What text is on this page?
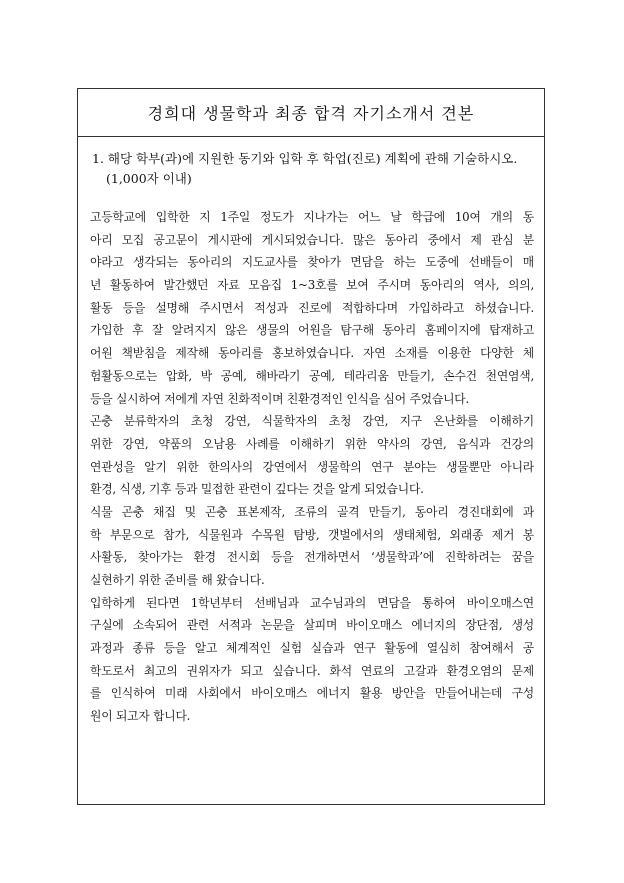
경희대 생물학과 최종 합격 자기소개서 견본
1. 해당 학부(과)에 지원한 동기와 입학 후 학업(진로) 계획에 관해 기술하시오.
(1,000자 이내)
고등학교에 입학한 지 1주일 정도가 지나가는 어느 날 학급에 10여 개의 동
아리 모집 공고문이 게시판에 게시되었습니다. 많은 동아리 중에서 제 관심 분
야라고 생각되는 동아리의 지도교사를 찾아가 면담을 하는 도중에 선배들이 매
년 활동하여 발간했던 자료 모음집 1~3호를 보여 주시며 동아리의 역사, 의의,
활동 등을 설명해 주시면서 적성과 진로에 적합하다며 가입하라고 하셨습니다.
가입한 후 잘 알려지지 않은 생물의 어원을 탐구해 동아리 홈페이지에 탑재하고
어원 책받침을 제작해 동아리를 홍보하였습니다. 자연 소재를 이용한 다양한 체
험활동으로는 압화, 박 공예, 해바라기 공예, 테라리움 만들기, 손수건 천연염색,
등을 실시하여 저에게 자연 친화적이며 친환경적인 인식을 심어 주었습니다.
곤충 분류학자의 초청 강연, 식물학자의 초청 강연, 지구 온난화를 이해하기
위한 강연, 약품의 오남용 사례를 이해하기 위한 약사의 강연, 음식과 건강의
연관성을 알기 위한 한의사의 강연에서 생물학의 연구 분야는 생물뿐만 아니라
환경, 식생, 기후 등과 밀접한 관련이 깊다는 것을 알게 되었습니다.
식물 곤충 채집 및 곤충 표본제작, 조류의 골격 만들기, 동아리 경진대회에 과
학 부문으로 참가, 식물원과 수목원 탐방, 갯벌에서의 생태체험, 외래종 제거 봉
사활동, 찾아가는 환경 전시회 등을 전개하면서 ‘생물학과’에 진학하려는 꿈을
실현하기 위한 준비를 해 왔습니다.
입학하게 된다면 1학년부터 선배님과 교수님과의 면담을 통하여 바이오매스연
구실에 소속되어 관련 서적과 논문을 살피며 바이오매스 에너지의 장단점, 생성
과정과 종류 등을 알고 체계적인 실험 실습과 연구 활동에 열심히 참여해서 공
학도로서 최고의 권위자가 되고 싶습니다. 화석 연료의 고갈과 환경오염의 문제
를 인식하여 미래 사회에서 바이오매스 에너지 활용 방안을 만들어내는데 구성
원이 되고자 합니다.
